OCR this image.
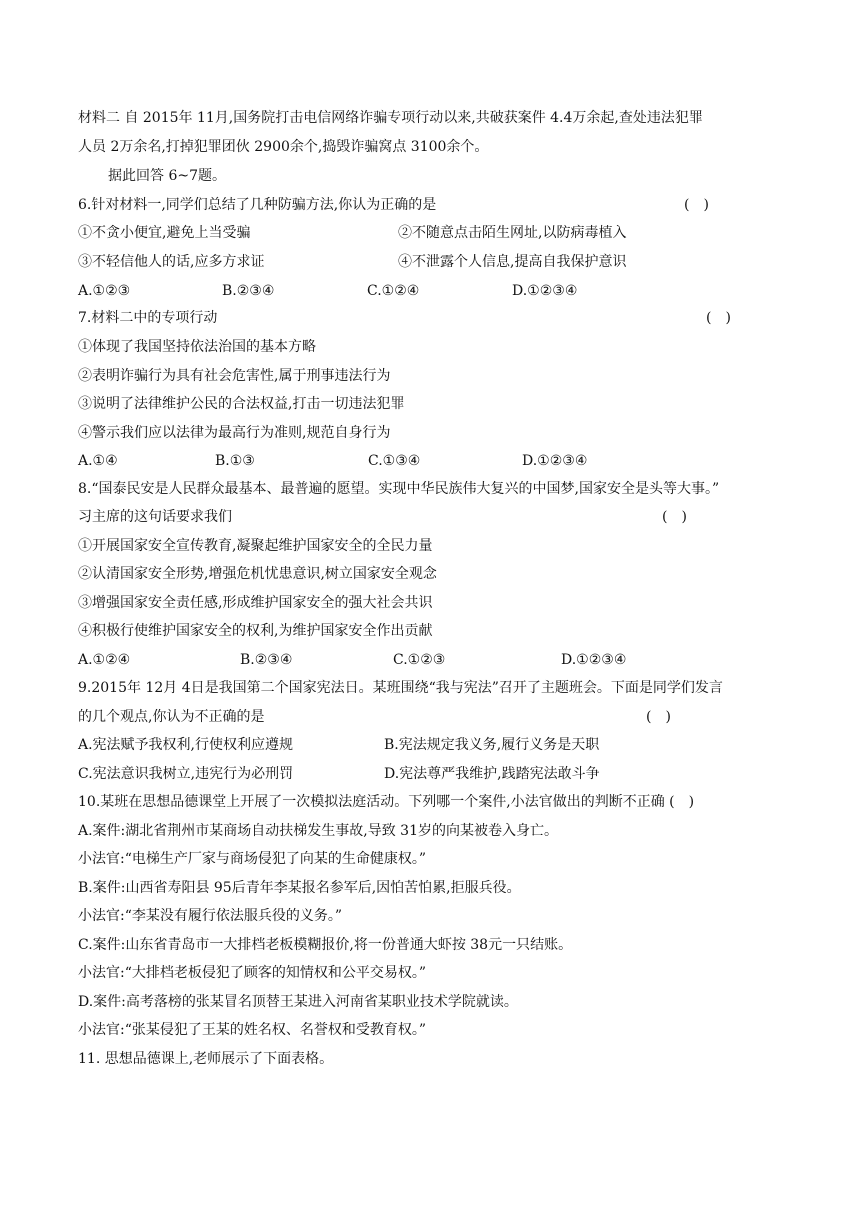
材料二 自 2015年 11月,国务院打击电信网络诈骗专项行动以来,共破获案件 4.4万余起,查处违法犯罪
人员 2万余名,打掉犯罪团伙 2900余个,捣毁诈骗窝点 3100余个。
据此回答 6~7题。
6.针对材料一,同学们总结了几种防骗方法,你认为正确的是	(　)
①不贪小便宜,避免上当受骗	②不随意点击陌生网址,以防病毒植入
③不轻信他人的话,应多方求证	④不泄露个人信息,提高自我保护意识
A.①②③	B.②③④	C.①②④	D.①②③④
7.材料二中的专项行动	(　)
①体现了我国坚持依法治国的基本方略
②表明诈骗行为具有社会危害性,属于刑事违法行为
③说明了法律维护公民的合法权益,打击一切违法犯罪
④警示我们应以法律为最高行为准则,规范自身行为
A.①④	B.①③	C.①③④	D.①②③④
8.“国泰民安是人民群众最基本、最普遍的愿望。实现中华民族伟大复兴的中国梦,国家安全是头等大事。”
习主席的这句话要求我们	(　)
①开展国家安全宣传教育,凝聚起维护国家安全的全民力量
②认清国家安全形势,增强危机忧患意识,树立国家安全观念
③增强国家安全责任感,形成维护国家安全的强大社会共识
④积极行使维护国家安全的权利,为维护国家安全作出贡献
A.①②④	B.②③④	C.①②③	D.①②③④
9.2015年 12月 4日是我国第二个国家宪法日。某班围绕“我与宪法”召开了主题班会。下面是同学们发言
的几个观点,你认为不正确的是	(　)
A.宪法赋予我权利,行使权利应遵规	B.宪法规定我义务,履行义务是天职
C.宪法意识我树立,违宪行为必刑罚	D.宪法尊严我维护,践踏宪法敢斗争
10.某班在思想品德课堂上开展了一次模拟法庭活动。下列哪一个案件,小法官做出的判断不正确 (　)
A.案件:湖北省荆州市某商场自动扶梯发生事故,导致 31岁的向某被卷入身亡。
小法官:“电梯生产厂家与商场侵犯了向某的生命健康权。”
B.案件:山西省寿阳县 95后青年李某报名参军后,因怕苦怕累,拒服兵役。
小法官:“李某没有履行依法服兵役的义务。”
C.案件:山东省青岛市一大排档老板模糊报价,将一份普通大虾按 38元一只结账。
小法官:“大排档老板侵犯了顾客的知情权和公平交易权。”
D.案件:高考落榜的张某冒名顶替王某进入河南省某职业技术学院就读。
小法官:“张某侵犯了王某的姓名权、名誉权和受教育权。”
11. 思想品德课上,老师展示了下面表格。
